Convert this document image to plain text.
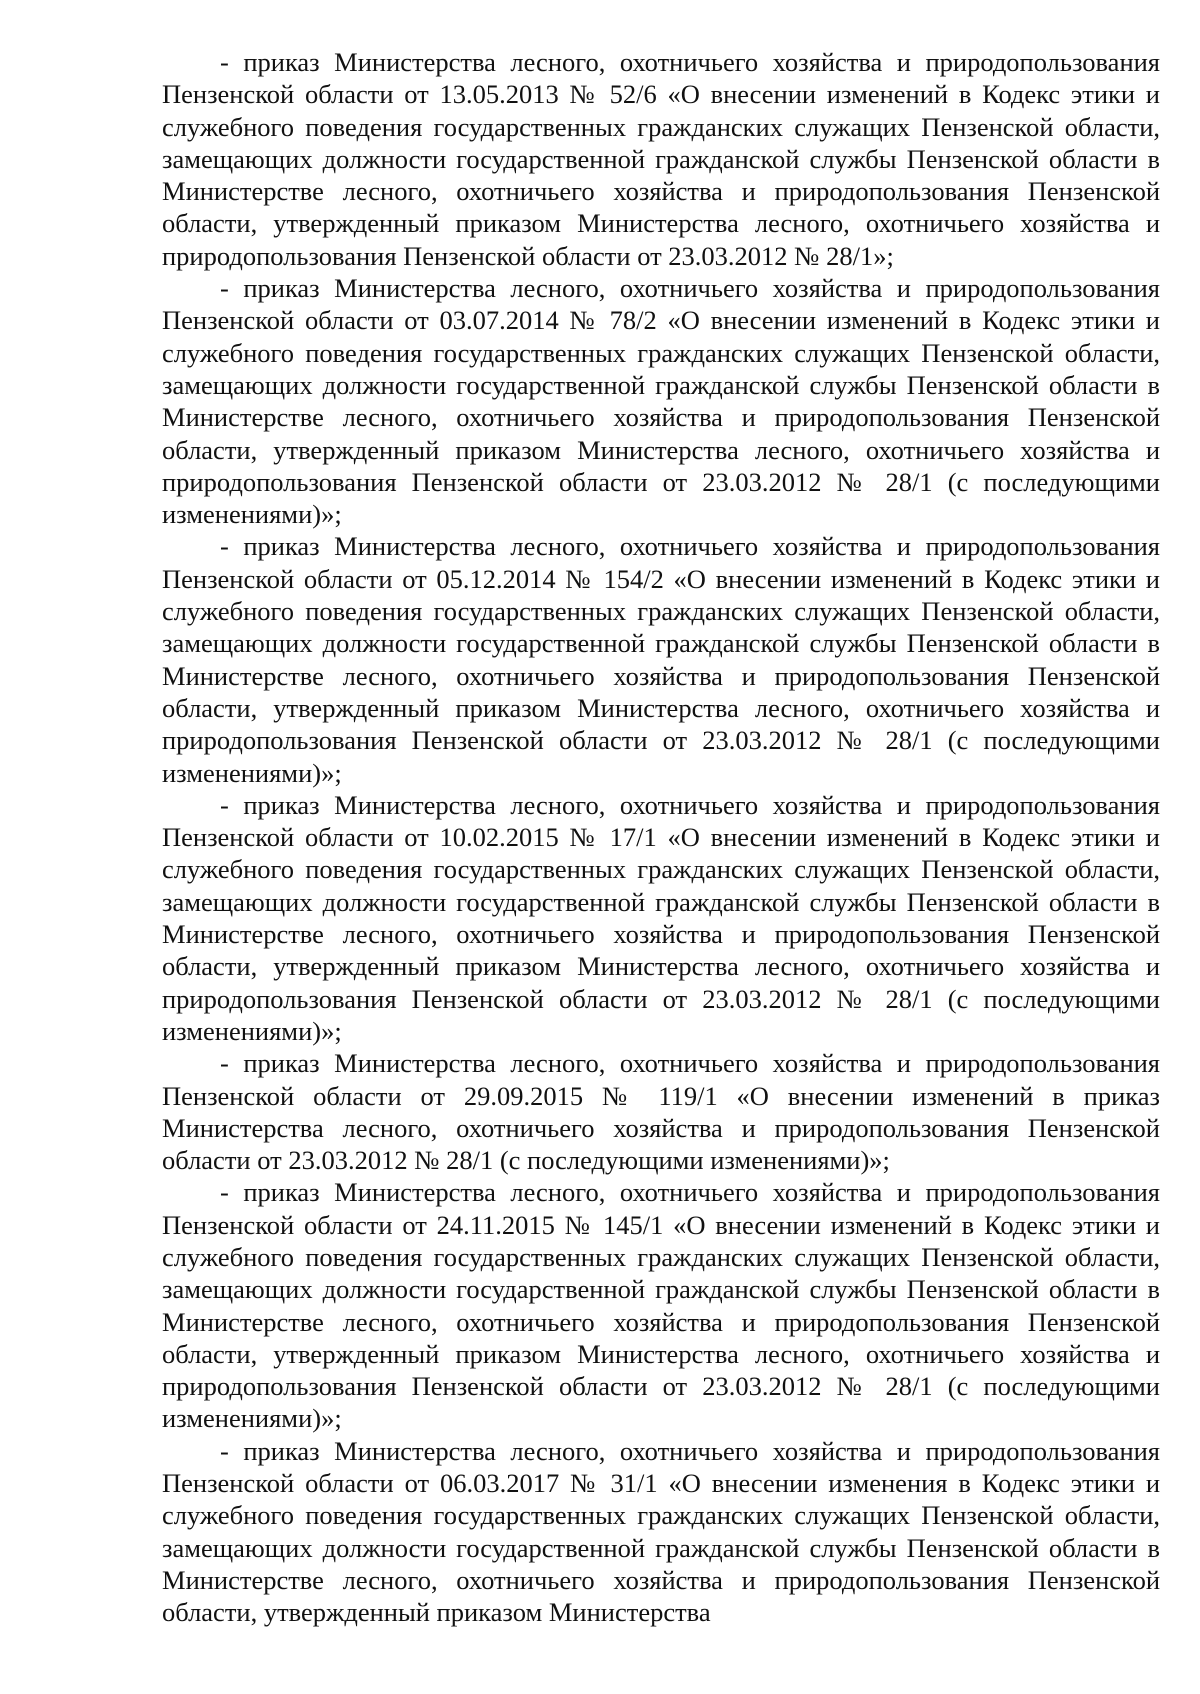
- приказ Министерства лесного, охотничьего хозяйства и природопользования Пензенской области от 13.05.2013 № 52/6 «О внесении изменений в Кодекс этики и служебного поведения государственных гражданских служащих Пензенской области, замещающих должности государственной гражданской службы Пензенской области в Министерстве лесного, охотничьего хозяйства и природопользования Пензенской области, утвержденный приказом Министерства лесного, охотничьего хозяйства и природопользования Пензенской области от 23.03.2012 № 28/1»;

- приказ Министерства лесного, охотничьего хозяйства и природопользования Пензенской области от 03.07.2014 № 78/2 «О внесении изменений в Кодекс этики и служебного поведения государственных гражданских служащих Пензенской области, замещающих должности государственной гражданской службы Пензенской области в Министерстве лесного, охотничьего хозяйства и природопользования Пензенской области, утвержденный приказом Министерства лесного, охотничьего хозяйства и природопользования Пензенской области от 23.03.2012 № 28/1 (с последующими изменениями)»;

- приказ Министерства лесного, охотничьего хозяйства и природопользования Пензенской области от 05.12.2014 № 154/2 «О внесении изменений в Кодекс этики и служебного поведения государственных гражданских служащих Пензенской области, замещающих должности государственной гражданской службы Пензенской области в Министерстве лесного, охотничьего хозяйства и природопользования Пензенской области, утвержденный приказом Министерства лесного, охотничьего хозяйства и природопользования Пензенской области от 23.03.2012 № 28/1 (с последующими изменениями)»;

- приказ Министерства лесного, охотничьего хозяйства и природопользования Пензенской области от 10.02.2015 № 17/1 «О внесении изменений в Кодекс этики и служебного поведения государственных гражданских служащих Пензенской области, замещающих должности государственной гражданской службы Пензенской области в Министерстве лесного, охотничьего хозяйства и природопользования Пензенской области, утвержденный приказом Министерства лесного, охотничьего хозяйства и природопользования Пензенской области от 23.03.2012 № 28/1 (с последующими изменениями)»;

- приказ Министерства лесного, охотничьего хозяйства и природопользования Пензенской области от 29.09.2015 № 119/1 «О внесении изменений в приказ Министерства лесного, охотничьего хозяйства и природопользования Пензенской области от 23.03.2012 № 28/1 (с последующими изменениями)»;

- приказ Министерства лесного, охотничьего хозяйства и природопользования Пензенской области от 24.11.2015 № 145/1 «О внесении изменений в Кодекс этики и служебного поведения государственных гражданских служащих Пензенской области, замещающих должности государственной гражданской службы Пензенской области в Министерстве лесного, охотничьего хозяйства и природопользования Пензенской области, утвержденный приказом Министерства лесного, охотничьего хозяйства и природопользования Пензенской области от 23.03.2012 № 28/1 (с последующими изменениями)»;

- приказ Министерства лесного, охотничьего хозяйства и природопользования Пензенской области от 06.03.2017 № 31/1 «О внесении изменения в Кодекс этики и служебного поведения государственных гражданских служащих Пензенской области, замещающих должности государственной гражданской службы Пензенской области в Министерстве лесного, охотничьего хозяйства и природопользования Пензенской области, утвержденный приказом Министерства
